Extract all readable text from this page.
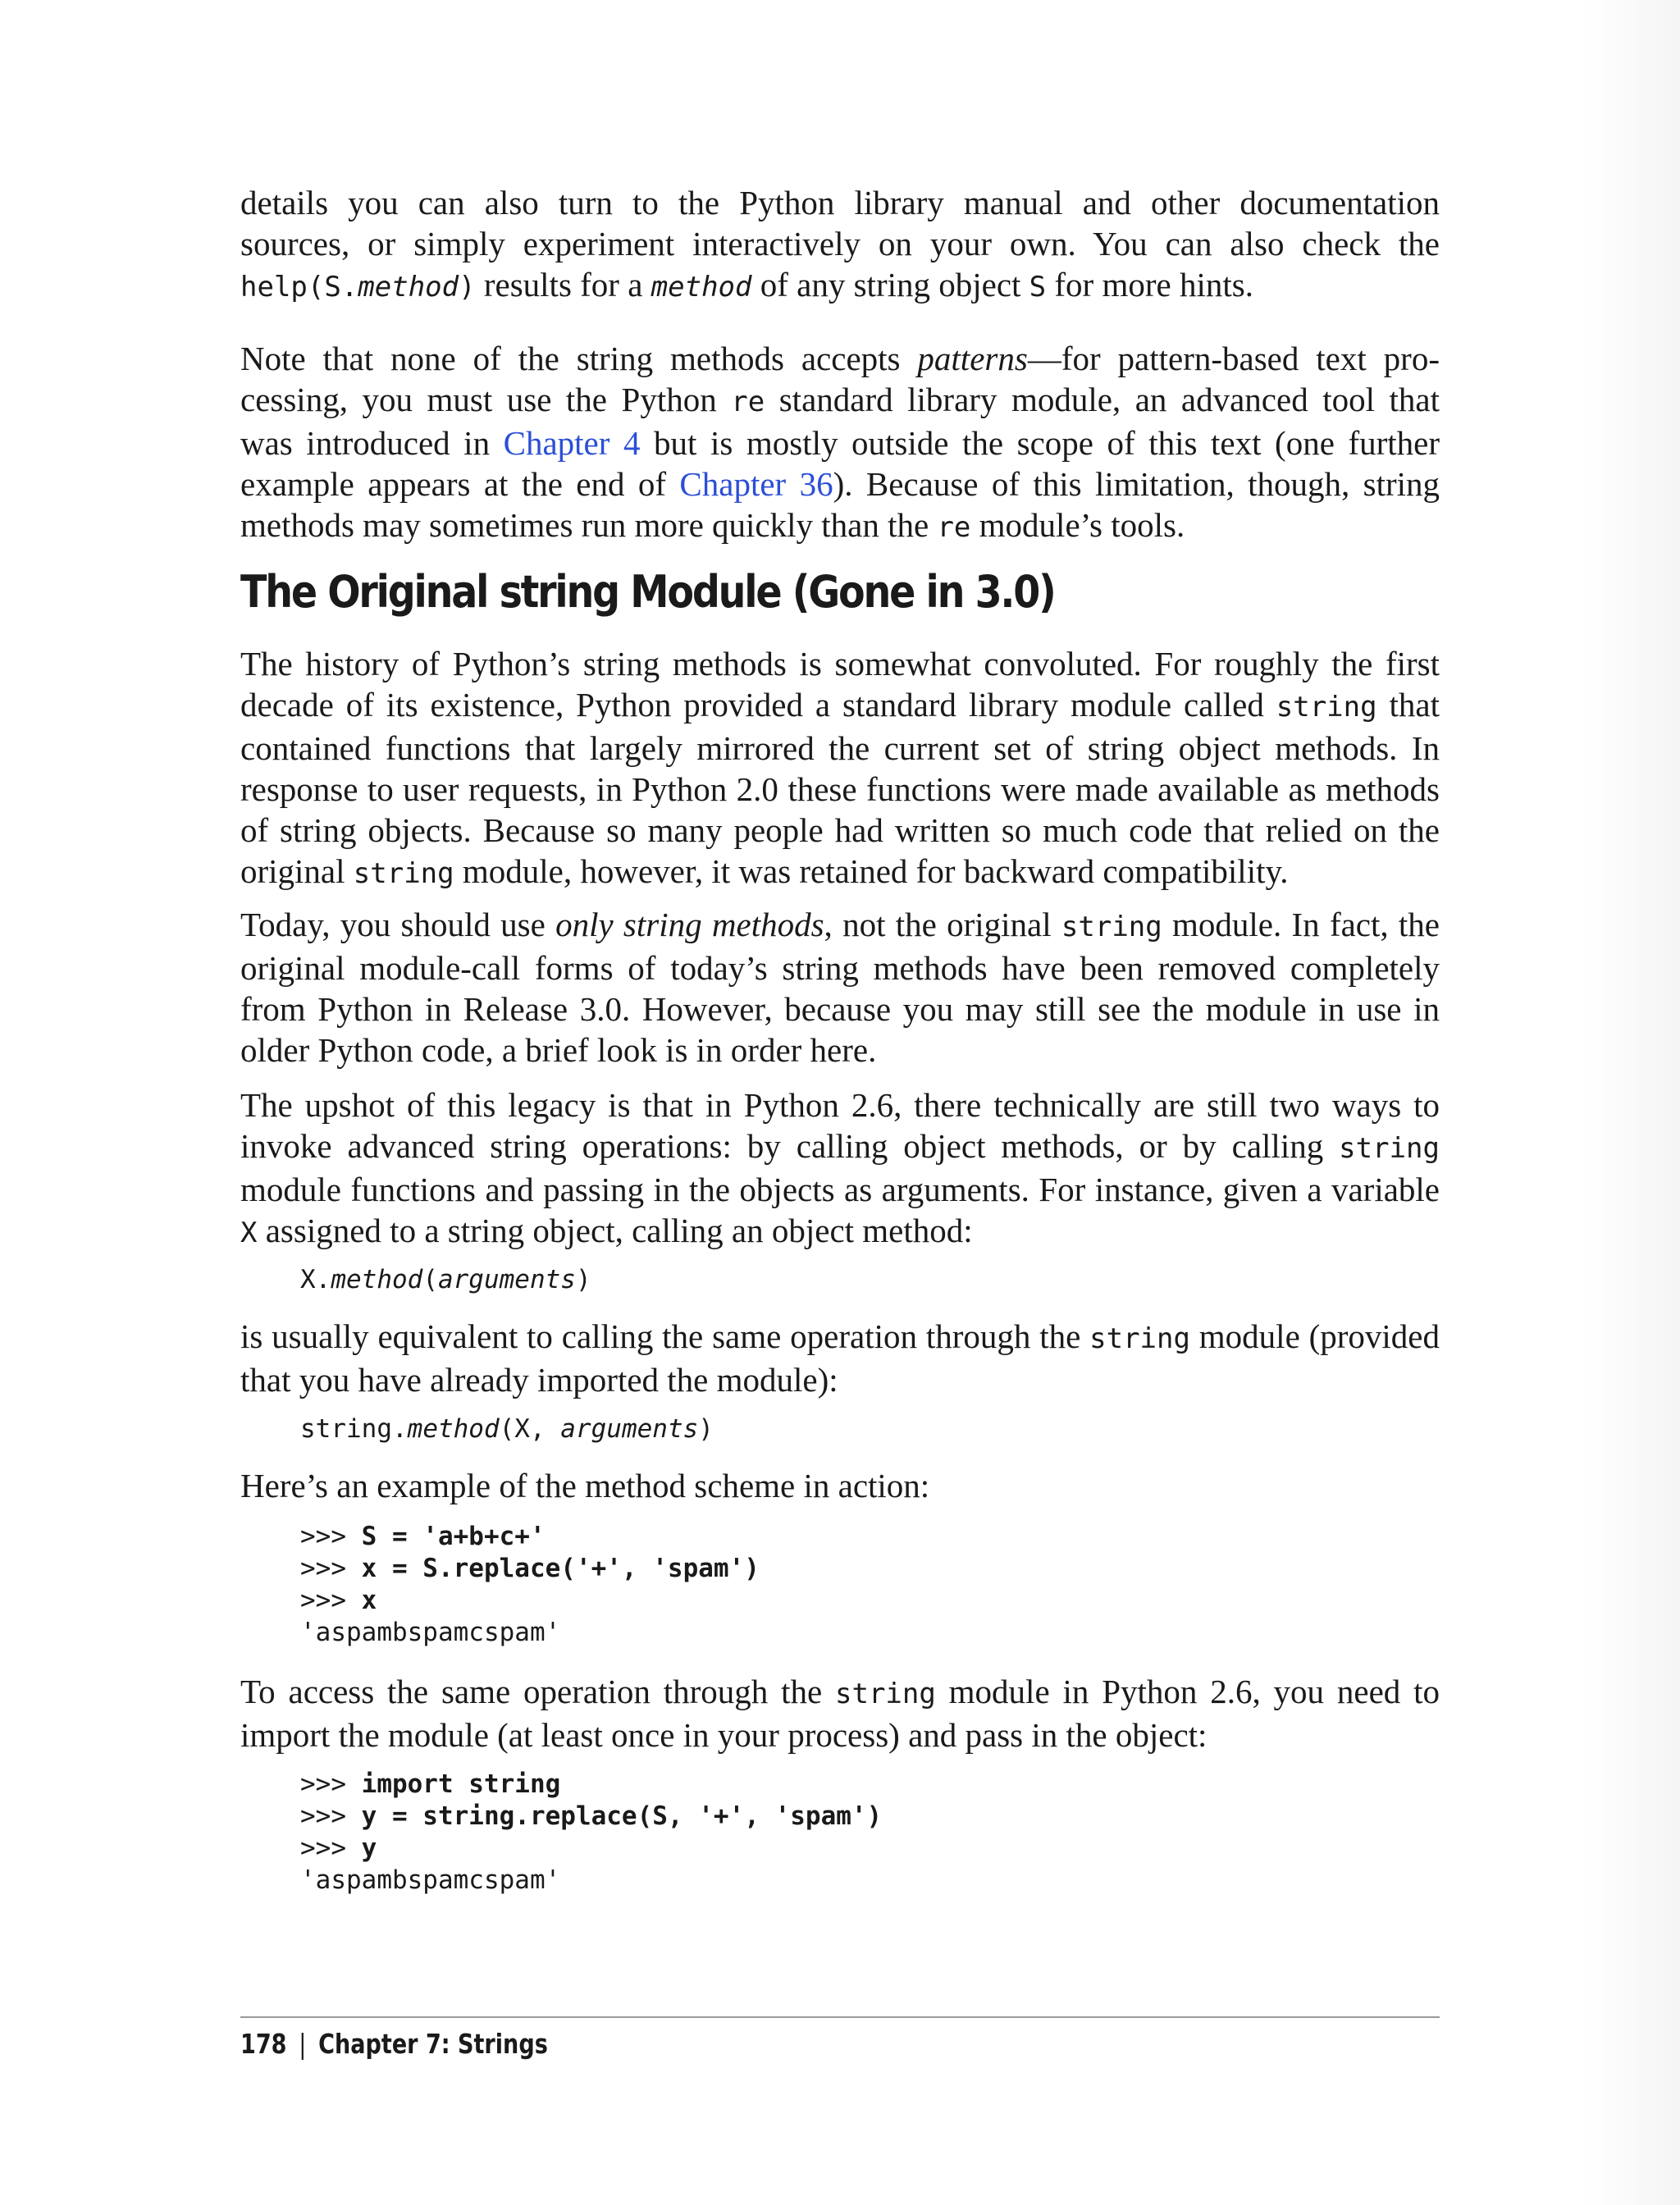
details you can also turn to the Python library manual and other documentation
sources, or simply experiment interactively on your own. You can also check the
help(S.method) results for a method of any string object S for more hints.
Note that none of the string methods accepts patterns—for pattern-based text pro-
cessing, you must use the Python re standard library module, an advanced tool that
was introduced in Chapter 4 but is mostly outside the scope of this text (one further
example appears at the end of Chapter 36). Because of this limitation, though, string
methods may sometimes run more quickly than the re module’s tools.
The Original string Module (Gone in 3.0)
The history of Python’s string methods is somewhat convoluted. For roughly the first
decade of its existence, Python provided a standard library module called string that
contained functions that largely mirrored the current set of string object methods. In
response to user requests, in Python 2.0 these functions were made available as methods
of string objects. Because so many people had written so much code that relied on the
original string module, however, it was retained for backward compatibility.
Today, you should use only string methods, not the original string module. In fact, the
original module-call forms of today’s string methods have been removed completely
from Python in Release 3.0. However, because you may still see the module in use in
older Python code, a brief look is in order here.
The upshot of this legacy is that in Python 2.6, there technically are still two ways to
invoke advanced string operations: by calling object methods, or by calling string
module functions and passing in the objects as arguments. For instance, given a variable
X assigned to a string object, calling an object method:
X.method(arguments)
is usually equivalent to calling the same operation through the string module (provided
that you have already imported the module):
string.method(X, arguments)
Here’s an example of the method scheme in action:
>>> S = 'a+b+c+'
>>> x = S.replace('+', 'spam')
>>> x
'aspambspamcspam'
To access the same operation through the string module in Python 2.6, you need to
import the module (at least once in your process) and pass in the object:
>>> import string
>>> y = string.replace(S, '+', 'spam')
>>> y
'aspambspamcspam'
178 | Chapter 7: Strings
